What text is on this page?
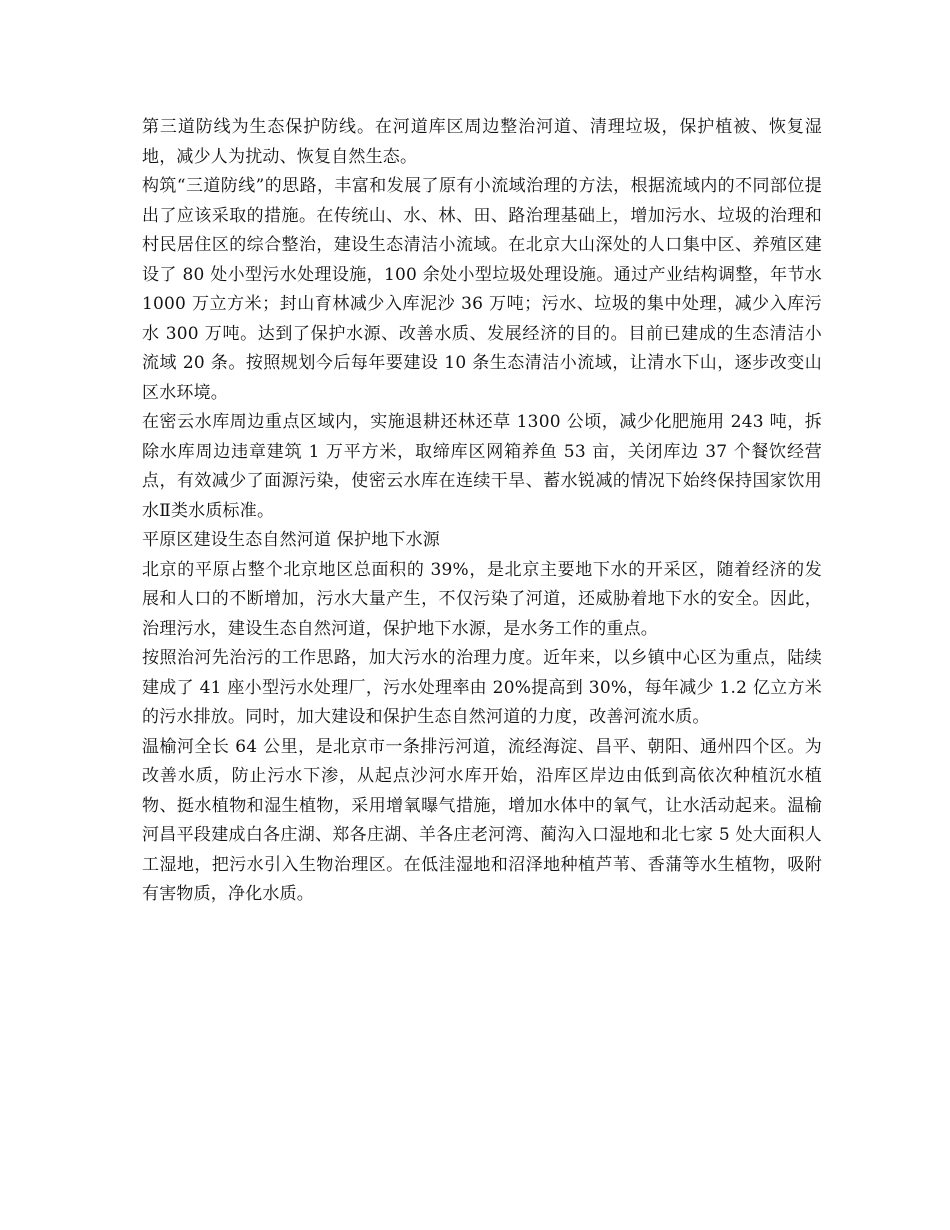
第三道防线为生态保护防线。在河道库区周边整治河道、清理垃圾，保护植被、恢复湿地，减少人为扰动、恢复自然生态。

构筑“三道防线”的思路，丰富和发展了原有小流域治理的方法，根据流域内的不同部位提出了应该采取的措施。在传统山、水、林、田、路治理基础上，增加污水、垃圾的治理和村民居住区的综合整治，建设生态清洁小流域。在北京大山深处的人口集中区、养殖区建设了 80 处小型污水处理设施，100 余处小型垃圾处理设施。通过产业结构调整，年节水 1000 万立方米；封山育林减少入库泥沙 36 万吨；污水、垃圾的集中处理，减少入库污水 300 万吨。达到了保护水源、改善水质、发展经济的目的。目前已建成的生态清洁小流域 20 条。按照规划今后每年要建设 10 条生态清洁小流域，让清水下山，逐步改变山区水环境。

在密云水库周边重点区域内，实施退耕还林还草 1300 公顷，减少化肥施用 243 吨，拆除水库周边违章建筑 1 万平方米，取缔库区网箱养鱼 53 亩，关闭库边 37 个餐饮经营点，有效减少了面源污染，使密云水库在连续干旱、蓄水锐减的情况下始终保持国家饮用水Ⅱ类水质标准。

平原区建设生态自然河道 保护地下水源

北京的平原占整个北京地区总面积的 39%，是北京主要地下水的开采区，随着经济的发展和人口的不断增加，污水大量产生，不仅污染了河道，还威胁着地下水的安全。因此，治理污水，建设生态自然河道，保护地下水源，是水务工作的重点。

按照治河先治污的工作思路，加大污水的治理力度。近年来，以乡镇中心区为重点，陆续建成了 41 座小型污水处理厂，污水处理率由 20%提高到 30%，每年减少 1.2 亿立方米的污水排放。同时，加大建设和保护生态自然河道的力度，改善河流水质。

温榆河全长 64 公里，是北京市一条排污河道，流经海淀、昌平、朝阳、通州四个区。为改善水质，防止污水下渗，从起点沙河水库开始，沿库区岸边由低到高依次种植沉水植物、挺水植物和湿生植物，采用增氧曝气措施，增加水体中的氧气，让水活动起来。温榆河昌平段建成白各庄湖、郑各庄湖、羊各庄老河湾、蔺沟入口湿地和北七家 5 处大面积人工湿地，把污水引入生物治理区。在低洼湿地和沼泽地种植芦苇、香蒲等水生植物，吸附有害物质，净化水质。
